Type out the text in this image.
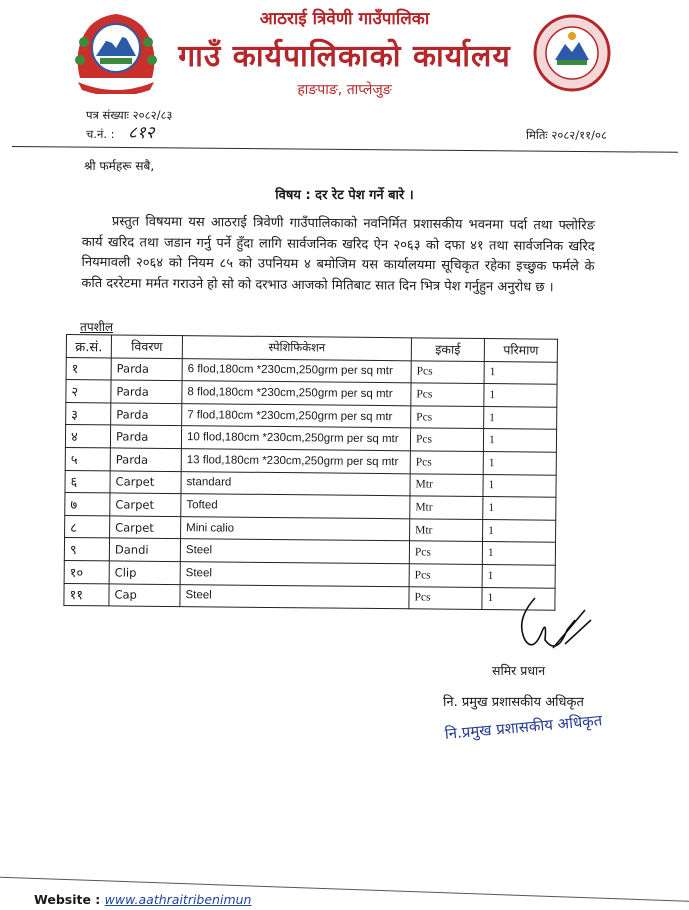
आठराई त्रिवेणी गाउँपालिका
गाउँ कार्यपालिकाको कार्यालय
हाङपाङ, ताप्लेजुङ
पत्र संख्याः २०८२/८३
च.नं. : ८१२	मितिः २०८२/११/०८
श्री फर्महरू सबै,
विषय : दर रेट पेश गर्ने बारे ।
प्रस्तुत विषयमा यस आठराई त्रिवेणी गाउँपालिकाको नवनिर्मित प्रशासकीय भवनमा पर्दा तथा फ्लोरिङ कार्य खरिद तथा जडान गर्नु पर्ने हुँदा लागि सार्वजनिक खरिद ऐन २०६३ को दफा ४१ तथा सार्वजनिक खरिद नियमावली २०६४ को नियम ८५ को उपनियम ४ बमोजिम यस कार्यालयमा सूचिकृत रहेका इच्छुक फर्मले के कति दररेटमा मर्मत गराउने हो सो को दरभाउ आजको मितिबाट सात दिन भित्र पेश गर्नुहुन अनुरोध छ ।
तपशील
क्र.सं.	विवरण	स्पेशिफिकेशन	इकाई	परिमाण
१	Parda	6 flod,180cm *230cm,250grm per sq mtr	Pcs	1
२	Parda	8 flod,180cm *230cm,250grm per sq mtr	Pcs	1
३	Parda	7 flod,180cm *230cm,250grm per sq mtr	Pcs	1
४	Parda	10 flod,180cm *230cm,250grm per sq mtr	Pcs	1
५	Parda	13 flod,180cm *230cm,250grm per sq mtr	Pcs	1
६	Carpet	standard	Mtr	1
७	Carpet	Tofted	Mtr	1
८	Carpet	Mini calio	Mtr	1
९	Dandi	Steel	Pcs	1
१०	Clip	Steel	Pcs	1
११	Cap	Steel	Pcs	1
समिर प्रधान
नि. प्रमुख प्रशासकीय अधिकृत
नि.प्रमुख प्रशासकीय अधिकृत
Website : www.aathraitribenimun
